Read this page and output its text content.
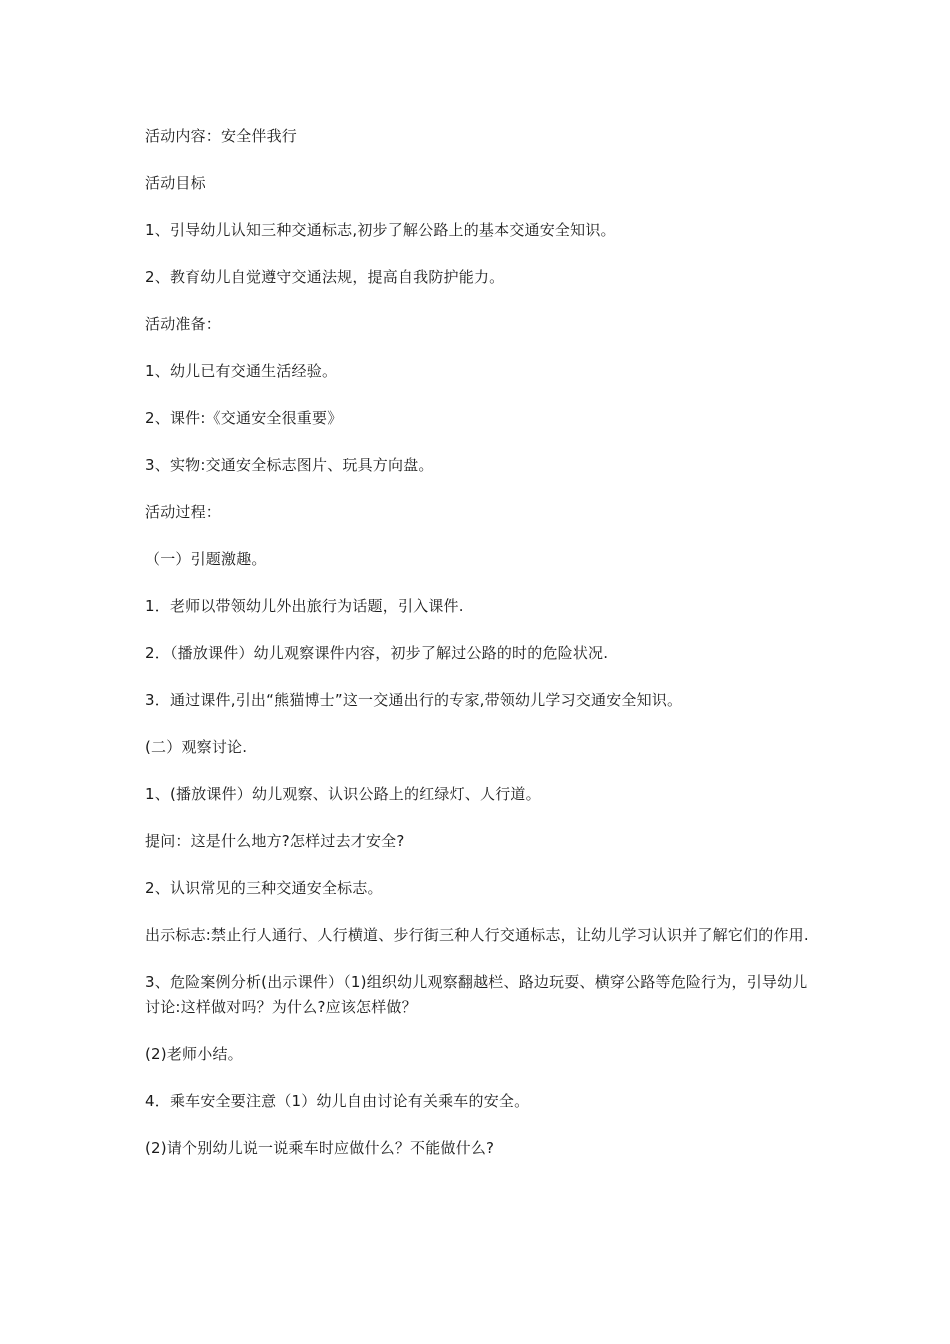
活动内容：安全伴我行

活动目标

1、引导幼儿认知三种交通标志,初步了解公路上的基本交通安全知识。

2、教育幼儿自觉遵守交通法规，提高自我防护能力。

活动准备：

1、幼儿已有交通生活经验。

2、课件:《交通安全很重要》

3、实物:交通安全标志图片、玩具方向盘。

活动过程：

（一）引题激趣。

1．老师以带领幼儿外出旅行为话题，引入课件.

2．（播放课件）幼儿观察课件内容，初步了解过公路的时的危险状况.

3．通过课件,引出“熊猫博士”这一交通出行的专家,带领幼儿学习交通安全知识。

(二）观察讨论.

1、(播放课件）幼儿观察、认识公路上的红绿灯、人行道。

提问：这是什么地方?怎样过去才安全?

2、认识常见的三种交通安全标志。

出示标志:禁止行人通行、人行横道、步行街三种人行交通标志，让幼儿学习认识并了解它们的作用.

3、危险案例分析(出示课件）（1)组织幼儿观察翻越栏、路边玩耍、横穿公路等危险行为，引导幼儿讨论:这样做对吗？为什么?应该怎样做？

(2)老师小结。

4．乘车安全要注意（1）幼儿自由讨论有关乘车的安全。

(2)请个别幼儿说一说乘车时应做什么？不能做什么?
